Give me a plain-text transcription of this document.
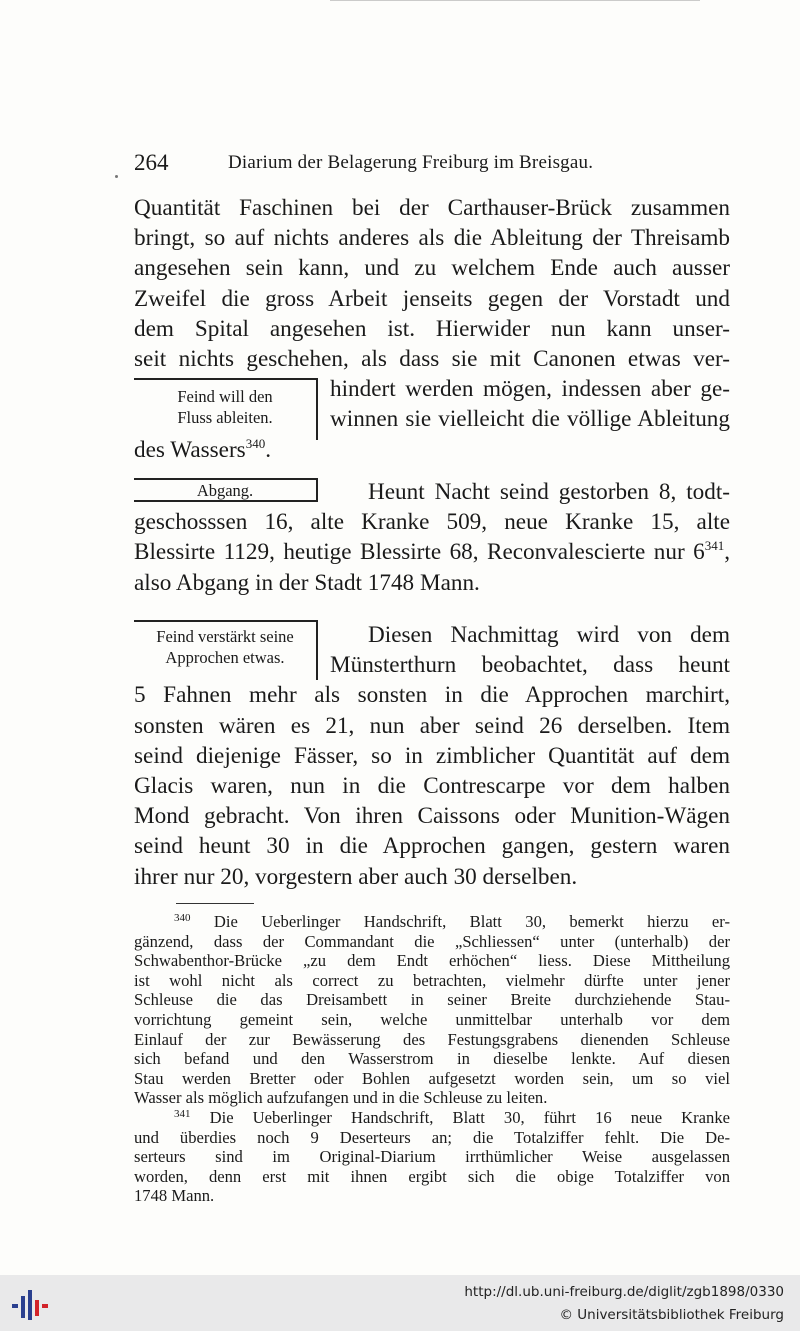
264	Diarium der Belagerung Freiburg im Breisgau.
Quantität Faschinen bei der Carthauser-Brück zusammen
bringt, so auf nichts anderes als die Ableitung der Threisamb
angesehen sein kann, und zu welchem Ende auch ausser
Zweifel die gross Arbeit jenseits gegen der Vorstadt und
dem Spital angesehen ist. Hierwider nun kann unser-
seit nichts geschehen, als dass sie mit Canonen etwas ver-
hindert werden mögen, indessen aber ge-
winnen sie vielleicht die völlige Ableitung
des Wassers$^{340}$.
Feind will den
Fluss ableiten.
Abgang.	Heunt Nacht seind gestorben 8, todt-
geschosssen 16, alte Kranke 509, neue Kranke 15, alte
Blessirte 1129, heutige Blessirte 68, Reconvalescierte nur $6^{341}$,
also Abgang in der Stadt 1748 Mann.
Feind verstärkt seine
Approchen etwas.
Diesen Nachmittag wird von dem
Münsterthurn beobachtet, dass heunt
5 Fahnen mehr als sonsten in die Approchen marchirt,
sonsten wären es 21, nun aber seind 26 derselben. Item
seind diejenige Fässer, so in zimblicher Quantität auf dem
Glacis waren, nun in die Contrescarpe vor dem halben
Mond gebracht. Von ihren Caissons oder Munition-Wägen
seind heunt 30 in die Approchen gangen, gestern waren
ihrer nur 20, vorgestern aber auch 30 derselben.
$^{340}$ Die Ueberlinger Handschrift, Blatt 30, bemerkt hierzu er-
gänzend, dass der Commandant die „Schliessen“ unter (unterhalb) der
Schwabenthor-Brücke „zu dem Endt erhöchen“ liess. Diese Mittheilung
ist wohl nicht als correct zu betrachten, vielmehr dürfte unter jener
Schleuse die das Dreisambett in seiner Breite durchziehende Stau-
vorrichtung gemeint sein, welche unmittelbar unterhalb vor dem
Einlauf der zur Bewässerung des Festungsgrabens dienenden Schleuse
sich befand und den Wasserstrom in dieselbe lenkte. Auf diesen
Stau werden Bretter oder Bohlen aufgesetzt worden sein, um so viel
Wasser als möglich aufzufangen und in die Schleuse zu leiten.
$^{341}$ Die Ueberlinger Handschrift, Blatt 30, führt 16 neue Kranke
und überdies noch 9 Deserteurs an; die Totalziffer fehlt. Die De-
serteurs sind im Original-Diarium irrthümlicher Weise ausgelassen
worden, denn erst mit ihnen ergibt sich die obige Totalziffer von
1748 Mann.
http://dl.ub.uni-freiburg.de/diglit/zgb1898/0330
© Universitätsbibliothek Freiburg
